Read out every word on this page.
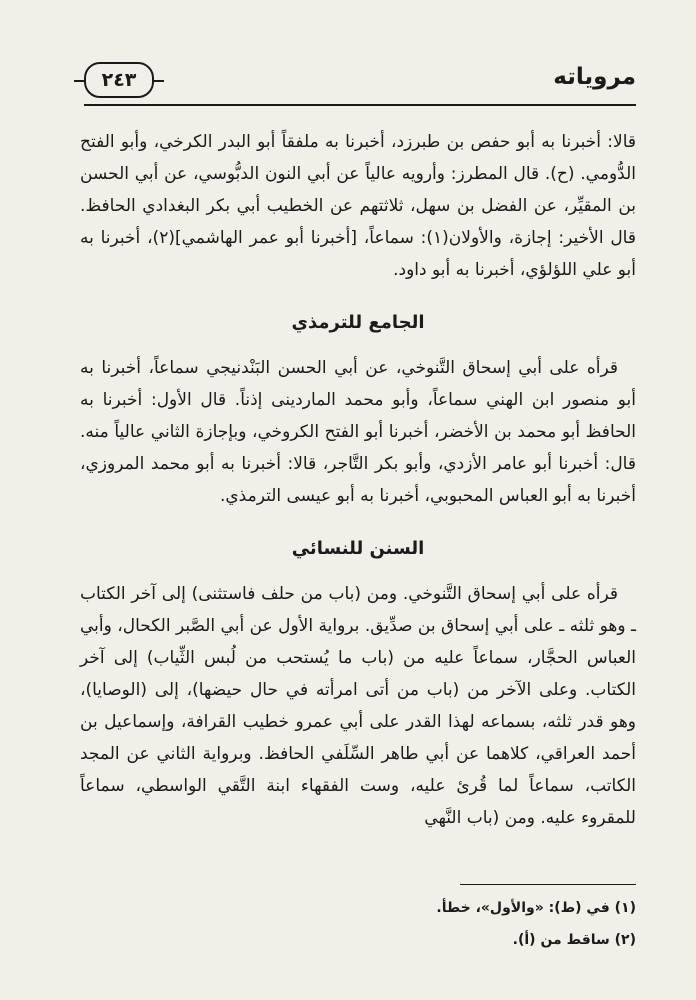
مروياته
٢٤٣

قالا: أخبرنا به أبو حفص بن طبرزد، أخبرنا به ملفقاً أبو البدر الكرخي، وأبو الفتح الدُّومي. (ح). قال المطرز: وأرويه عالياً عن أبي النون الدبُّوسي، عن أبي الحسن بن المقيِّر، عن الفضل بن سهل، ثلاثتهم عن الخطيب أبي بكر البغدادي الحافظ. قال الأخير: إجازة، والأولان(١): سماعاً، [أخبرنا أبو عمر الهاشمي](٢)، أخبرنا به أبو علي اللؤلؤي، أخبرنا به أبو داود.

الجامع للترمذي

قرأه على أبي إسحاق التَّنوخي، عن أبي الحسن البَنْدنيجي سماعاً، أخبرنا به أبو منصور ابن الهني سماعاً، وأبو محمد الماردينى إذناً. قال الأول: أخبرنا به الحافظ أبو محمد بن الأخضر، أخبرنا أبو الفتح الكروخي، وبإجازة الثاني عالياً منه. قال: أخبرنا أبو عامر الأزدي، وأبو بكر التَّاجر، قالا: أخبرنا به أبو محمد المروزي، أخبرنا به أبو العباس المحبوبي، أخبرنا به أبو عيسى الترمذي.

السنن للنسائي

قرأه على أبي إسحاق التَّنوخي. ومن (باب من حلف فاستثنى) إلى آخر الكتاب ـ وهو ثلثه ـ على أبي إسحاق بن صدِّيق. برواية الأول عن أبي الصَّبر الكحال، وأبي العباس الحجَّار، سماعاً عليه من (باب ما يُستحب من لُبس الثِّياب) إلى آخر الكتاب. وعلى الآخر من (باب من أتى امرأته في حال حيضها)، إلى (الوصايا)، وهو قدر ثلثه، بسماعه لهذا القدر على أبي عمرو خطيب القرافة، وإسماعيل بن أحمد العراقي، كلاهما عن أبي طاهر السِّلَفي الحافظ. وبرواية الثاني عن المجد الكاتب، سماعاً لما قُرئ عليه، وست الفقهاء ابنة التَّقي الواسطي، سماعاً للمقروء عليه. ومن (باب النَّهي

(١) في (ط): «والأول»، خطأ.
(٢) ساقط من (أ).
